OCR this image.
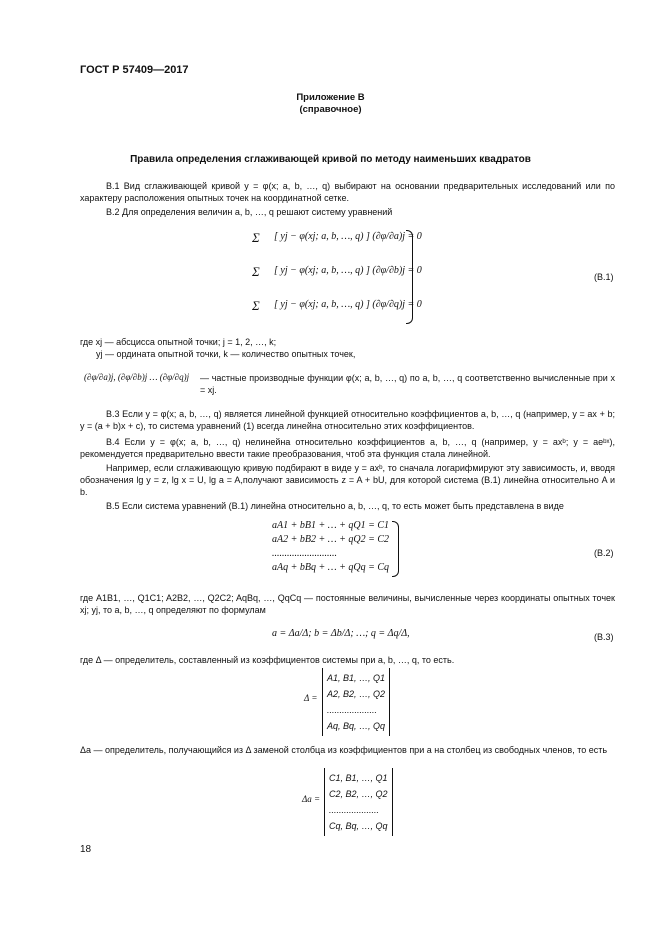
ГОСТ Р 57409—2017
Приложение В
(справочное)
Правила определения сглаживающей кривой по методу наименьших квадратов
В.1 Вид сглаживающей кривой y = φ(x; a, b, …, q) выбирают на основании предварительных исследований или по характеру расположения опытных точек на координатной сетке.
В.2 Для определения величин a, b, …, q решают систему уравнений
Σ [ yj − φ(xj; a, b, …, q) ] (∂φ/∂a)j = 0
Σ [ yj − φ(xj; a, b, …, q) ] (∂φ/∂b)j = 0
Σ [ yj − φ(xj; a, b, …, q) ] (∂φ/∂q)j = 0
(В.1)
где xj — абсцисса опытной точки; j = 1, 2, …, k;
yj — ордината опытной точки, k — количество опытных точек,
(∂φ/∂a)j, (∂φ/∂b)j … (∂φ/∂q)j — частные производные функции φ(x; a, b, …, q) по a, b, …, q соответственно вычисленные при x = xj.
В.3 Если y = φ(x; a, b, …, q) является линейной функцией относительно коэффициентов a, b, …, q (например, y = ax + b; y = (a + b)x + c), то система уравнений (1) всегда линейна относительно этих коэффициентов.
В.4 Если y = φ(x; a, b, …, q) нелинейна относительно коэффициентов a, b, …, q (например, y = axᵇ; y = aeᵇˣ), рекомендуется предварительно ввести такие преобразования, чтоб эта функция стала линейной.
Например, если сглаживающую кривую подбирают в виде y = axᵇ, то сначала логарифмируют эту зависимость, и, вводя обозначения lg y = z, lg x = U, lg a = A,получают зависимость z = A + bU, для которой система (В.1) линейна относительно A и b.
В.5 Если система уравнений (В.1) линейна относительно a, b, …, q, то есть может быть представлена в виде
aA1 + bB1 + … + qQ1 = C1
aA2 + bB2 + … + qQ2 = C2
..........................
aAq + bBq + … + qQq = Cq
(В.2)
где A1B1, …, Q1C1; A2B2, …, Q2C2; AqBq, …, QqCq — постоянные величины, вычисленные через координаты опытных точек xj; yj, то a, b, …, q определяют по формулам
a = Δa/Δ; b = Δb/Δ; …; q = Δq/Δ,	(В.3)
где Δ — определитель, составленный из коэффициентов системы при a, b, …, q, то есть.
Δ =
A1, B1, …, Q1
A2, B2, …, Q2
....................
Aq, Bq, …, Qq
Δa — определитель, получающийся из Δ заменой столбца из коэффициентов при a на столбец из свободных членов, то есть
Δa =
C1, B1, …, Q1
C2, B2, …, Q2
....................
Cq, Bq, …, Qq
18
